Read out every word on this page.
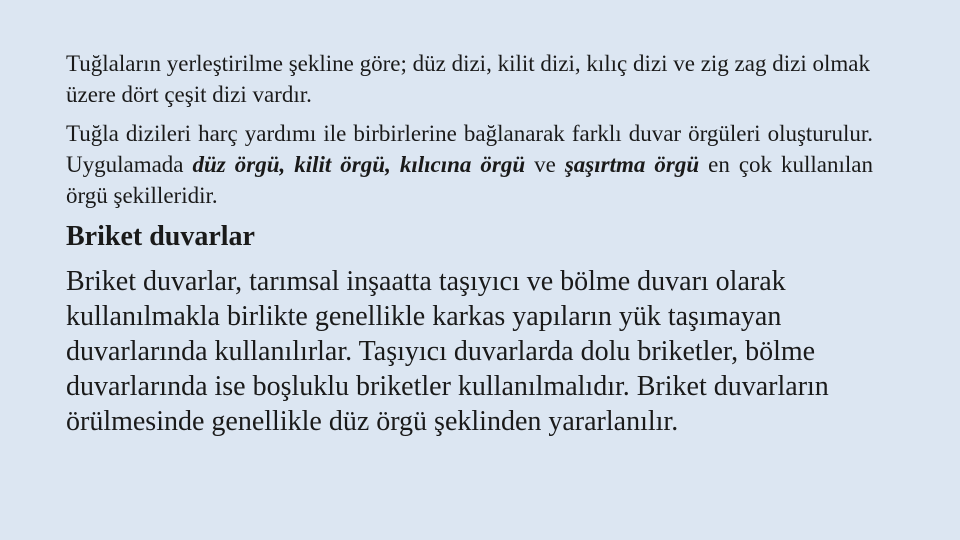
Tuğlaların yerleştirilme şekline göre; düz dizi, kilit dizi, kılıç dizi ve zig zag dizi olmak üzere dört çeşit dizi vardır.

Tuğla dizileri harç yardımı ile birbirlerine bağlanarak farklı duvar örgüleri oluşturulur. Uygulamada düz örgü, kilit örgü, kılıcına örgü ve şaşırtma örgü en çok kullanılan örgü şekilleridir.

Briket duvarlar

Briket duvarlar, tarımsal inşaatta taşıyıcı ve bölme duvarı olarak kullanılmakla birlikte genellikle karkas yapıların yük taşımayan duvarlarında kullanılırlar. Taşıyıcı duvarlarda dolu briketler, bölme duvarlarında ise boşluklu briketler kullanılmalıdır. Briket duvarların örülmesinde genellikle düz örgü şeklinden yararlanılır.
